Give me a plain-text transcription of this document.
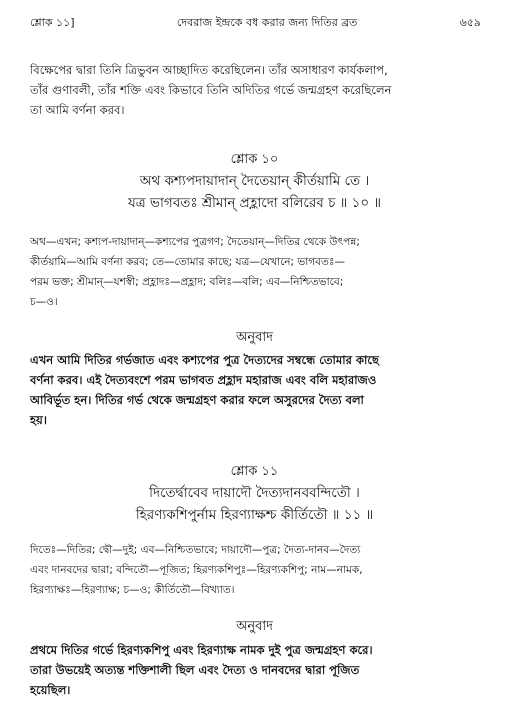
শ্লোক ১১]	দেবরাজ ইন্দ্রকে বধ করার জন্য দিতির ব্রত	৬৫৯

বিক্ষেপের দ্বারা তিনি ত্রিভুবন আচ্ছাদিত করেছিলেন। তাঁর অসাধারণ কার্যকলাপ,

তাঁর গুণাবলী, তাঁর শক্তি এবং কিভাবে তিনি অদিতির গর্ভে জন্মগ্রহণ করেছিলেন

তা আমি বর্ণনা করব।

শ্লোক ১০

অথ কশ্যপদায়াদান্ দৈতেয়ান্ কীর্তয়ামি তে ।

যত্র ভাগবতঃ শ্রীমান্ প্রহ্লাদো বলিরেব চ ॥ ১০ ॥

অথ—এখন; কশ্যপ-দায়াদান্—কশ্যপের পুত্রগণ; দৈতেয়ান্—দিতির থেকে উৎপন্ন;

কীর্তয়ামি—আমি বর্ণনা করব; তে—তোমার কাছে; যত্র—যেখানে; ভাগবতঃ—

পরম ভক্ত; শ্রীমান্—যশস্বী; প্রহ্লাদঃ—প্রহ্লাদ; বলিঃ—বলি; এব—নিশ্চিতভাবে;

চ—ও।

অনুবাদ

এখন আমি দিতির গর্ভজাত এবং কশ্যপের পুত্র দৈত্যদের সম্বন্ধে তোমার কাছে

বর্ণনা করব। এই দৈত্যবংশে পরম ভাগবত প্রহ্লাদ মহারাজ এবং বলি মহারাজও

আবির্ভূত হন। দিতির গর্ভ থেকে জন্মগ্রহণ করার ফলে অসুরদের দৈত্য বলা

হয়।

শ্লোক ১১

দিতের্দ্বাবেব দায়াদৌ দৈত্যদানববন্দিতৌ ।

হিরণ্যকশিপুর্নাম হিরণ্যাক্ষশ্চ কীর্তিতৌ ॥ ১১ ॥

দিতেঃ—দিতির; দ্বৌ—দুই; এব—নিশ্চিতভাবে; দায়াদৌ—পুত্র; দৈত্য-দানব—দৈত্য

এবং দানবদের দ্বারা; বন্দিতৌ—পূজিত; হিরণ্যকশিপুঃ—হিরণ্যকশিপু; নাম—নামক,

হিরণ্যাক্ষঃ—হিরণ্যাক্ষ; চ—ও; কীর্তিতৌ—বিখ্যাত।

অনুবাদ

প্রথমে দিতির গর্ভে হিরণ্যকশিপু এবং হিরণ্যাক্ষ নামক দুই পুত্র জন্মগ্রহণ করে।

তারা উভয়েই অত্যন্ত শক্তিশালী ছিল এবং দৈত্য ও দানবদের দ্বারা পূজিত

হয়েছিল।
